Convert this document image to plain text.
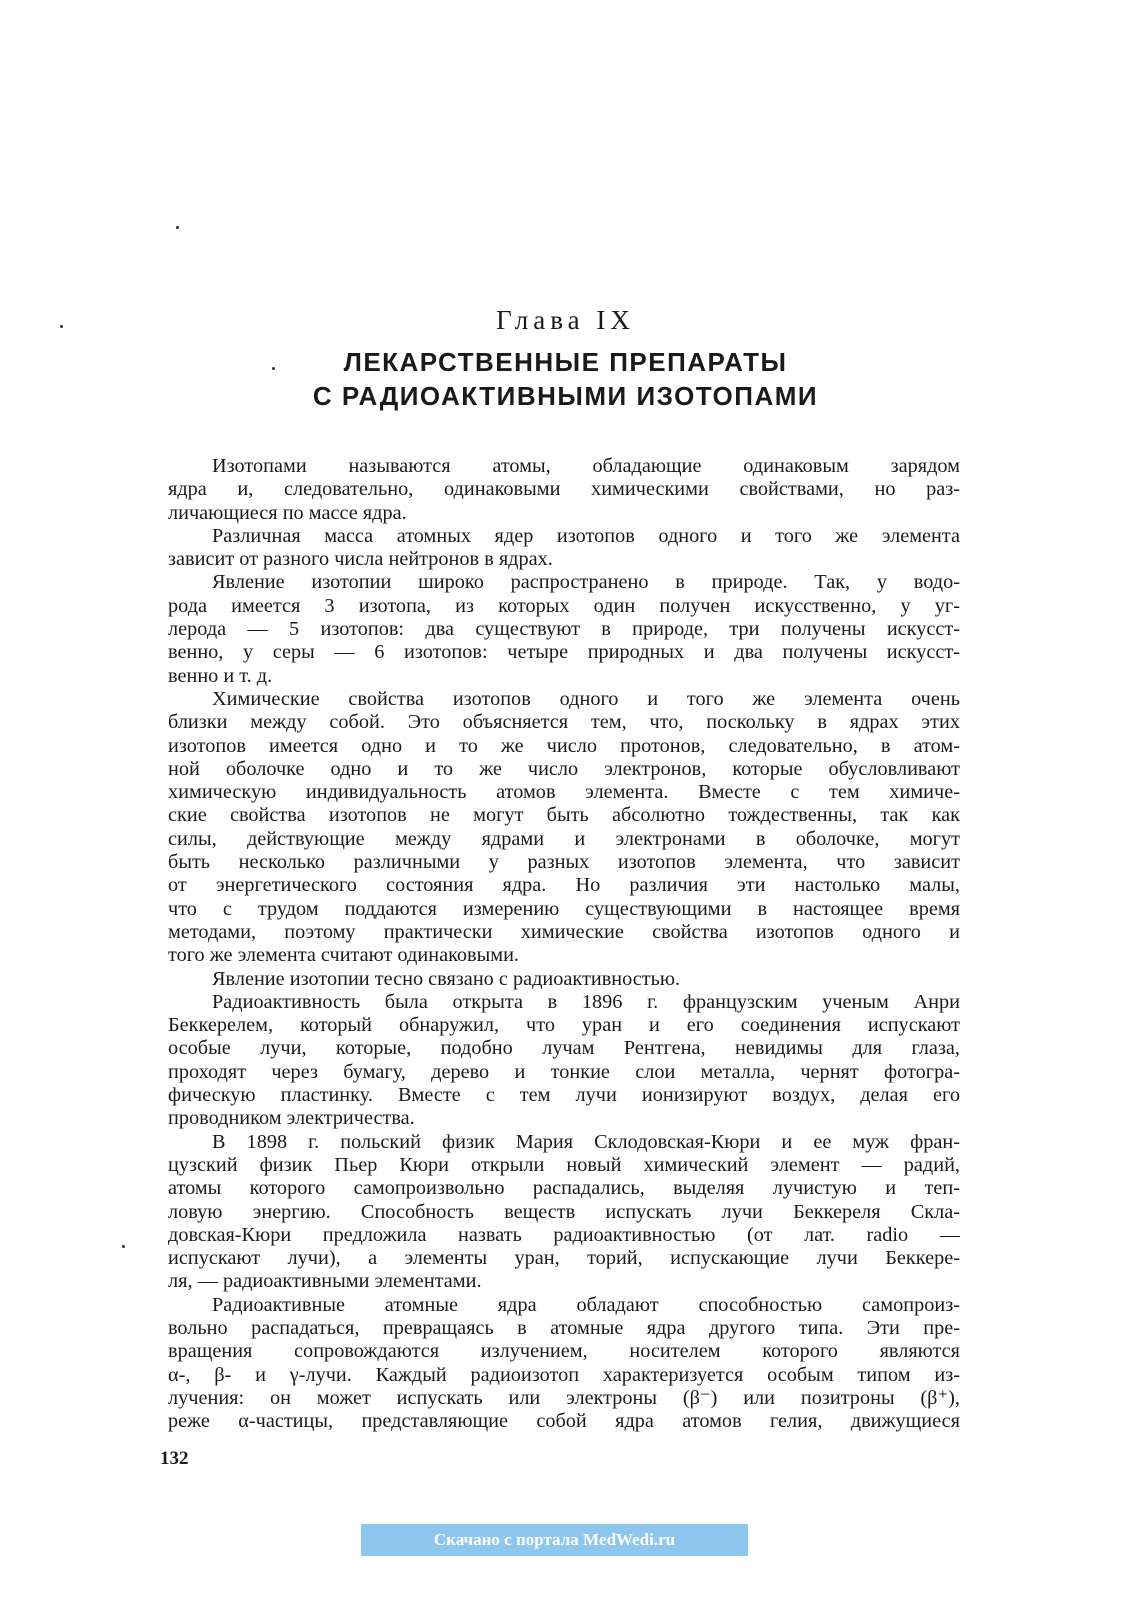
Глава IX
ЛЕКАРСТВЕННЫЕ ПРЕПАРАТЫ
С РАДИОАКТИВНЫМИ ИЗОТОПАМИ
Изотопами называются атомы, обладающие одинаковым зарядом
ядра и, следовательно, одинаковыми химическими свойствами, но раз-
личающиеся по массе ядра.
Различная масса атомных ядер изотопов одного и того же элемента
зависит от разного числа нейтронов в ядрах.
Явление изотопии широко распространено в природе. Так, у водо-
рода имеется 3 изотопа, из которых один получен искусственно, у уг-
лерода — 5 изотопов: два существуют в природе, три получены искусст-
венно, у серы — 6 изотопов: четыре природных и два получены искусст-
венно и т. д.
Химические свойства изотопов одного и того же элемента очень
близки между собой. Это объясняется тем, что, поскольку в ядрах этих
изотопов имеется одно и то же число протонов, следовательно, в атом-
ной оболочке одно и то же число электронов, которые обусловливают
химическую индивидуальность атомов элемента. Вместе с тем химиче-
ские свойства изотопов не могут быть абсолютно тождественны, так как
силы, действующие между ядрами и электронами в оболочке, могут
быть несколько различными у разных изотопов элемента, что зависит
от энергетического состояния ядра. Но различия эти настолько малы,
что с трудом поддаются измерению существующими в настоящее время
методами, поэтому практически химические свойства изотопов одного и
того же элемента считают одинаковыми.
Явление изотопии тесно связано с радиоактивностью.
Радиоактивность была открыта в 1896 г. французским ученым Анри
Беккерелем, который обнаружил, что уран и его соединения испускают
особые лучи, которые, подобно лучам Рентгена, невидимы для глаза,
проходят через бумагу, дерево и тонкие слои металла, чернят фотогра-
фическую пластинку. Вместе с тем лучи ионизируют воздух, делая его
проводником электричества.
В 1898 г. польский физик Мария Склодовская-Кюри и ее муж фран-
цузский физик Пьер Кюри открыли новый химический элемент — радий,
атомы которого самопроизвольно распадались, выделяя лучистую и теп-
ловую энергию. Способность веществ испускать лучи Беккереля Скла-
довская-Кюри предложила назвать радиоактивностью (от лат. radio —
испускают лучи), а элементы уран, торий, испускающие лучи Беккере-
ля, — радиоактивными элементами.
Радиоактивные атомные ядра обладают способностью самопроиз-
вольно распадаться, превращаясь в атомные ядра другого типа. Эти пре-
вращения сопровождаются излучением, носителем которого являются
α-, β- и γ-лучи. Каждый радиоизотоп характеризуется особым типом из-
лучения: он может испускать или электроны (β⁻) или позитроны (β⁺),
реже α-частицы, представляющие собой ядра атомов гелия, движущиеся
132
Скачано с портала MedWedi.ru
